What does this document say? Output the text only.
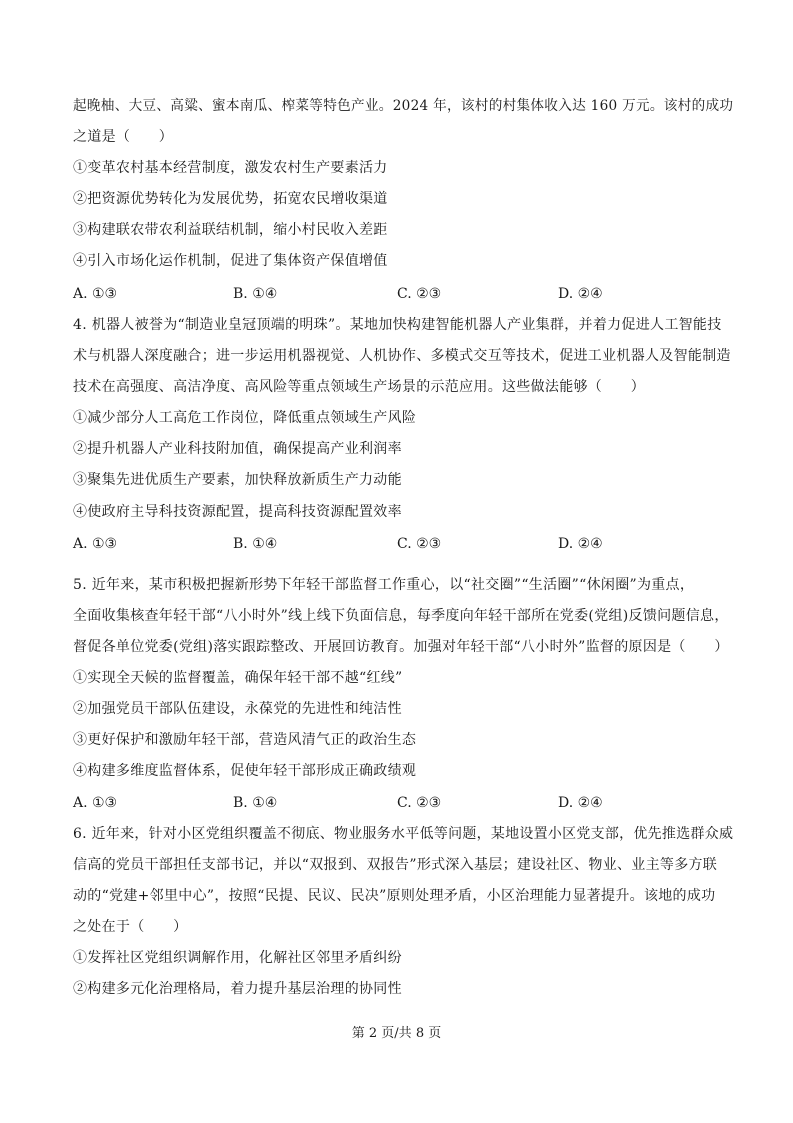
起晚柚、大豆、高粱、蜜本南瓜、榨菜等特色产业。2024 年，该村的村集体收入达 160 万元。该村的成功
之道是（　　）
①变革农村基本经营制度，激发农村生产要素活力
②把资源优势转化为发展优势，拓宽农民增收渠道
③构建联农带农利益联结机制，缩小村民收入差距
④引入市场化运作机制，促进了集体资产保值增值
A. ①③	B. ①④	C. ②③	D. ②④
4. 机器人被誉为“制造业皇冠顶端的明珠”。某地加快构建智能机器人产业集群，并着力促进人工智能技
术与机器人深度融合；进一步运用机器视觉、人机协作、多模式交互等技术，促进工业机器人及智能制造
技术在高强度、高洁净度、高风险等重点领域生产场景的示范应用。这些做法能够（　　）
①减少部分人工高危工作岗位，降低重点领域生产风险
②提升机器人产业科技附加值，确保提高产业利润率
③聚集先进优质生产要素，加快释放新质生产力动能
④使政府主导科技资源配置，提高科技资源配置效率
A. ①③	B. ①④	C. ②③	D. ②④
5. 近年来，某市积极把握新形势下年轻干部监督工作重心，以“社交圈”“生活圈”“休闲圈”为重点，
全面收集核查年轻干部“八小时外”线上线下负面信息，每季度向年轻干部所在党委(党组)反馈问题信息，
督促各单位党委(党组)落实跟踪整改、开展回访教育。加强对年轻干部“八小时外”监督的原因是（　　）
①实现全天候的监督覆盖，确保年轻干部不越“红线”
②加强党员干部队伍建设，永葆党的先进性和纯洁性
③更好保护和激励年轻干部，营造风清气正的政治生态
④构建多维度监督体系，促使年轻干部形成正确政绩观
A. ①③	B. ①④	C. ②③	D. ②④
6. 近年来，针对小区党组织覆盖不彻底、物业服务水平低等问题，某地设置小区党支部，优先推选群众威
信高的党员干部担任支部书记，并以“双报到、双报告”形式深入基层；建设社区、物业、业主等多方联
动的“党建+邻里中心”，按照“民提、民议、民决”原则处理矛盾，小区治理能力显著提升。该地的成功
之处在于（　　）
①发挥社区党组织调解作用，化解社区邻里矛盾纠纷
②构建多元化治理格局，着力提升基层治理的协同性
第 2 页/共 8 页
